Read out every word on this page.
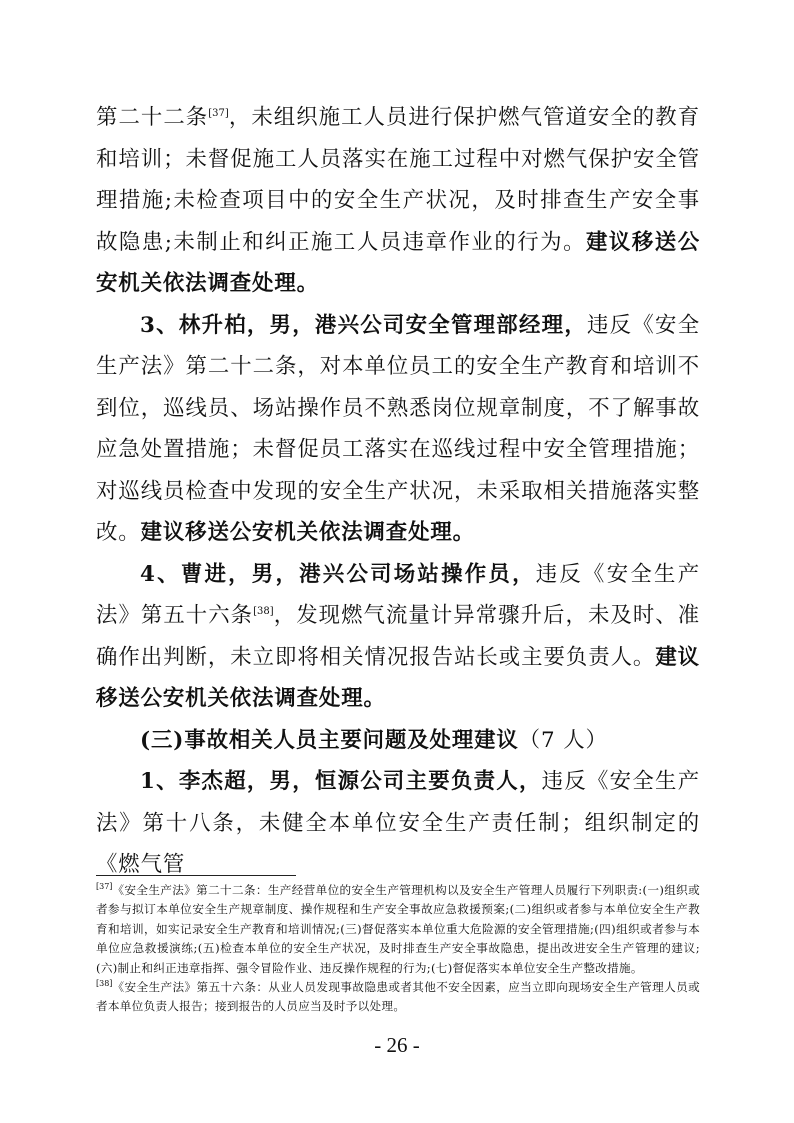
第二十二条[37]，未组织施工人员进行保护燃气管道安全的教育和培训；未督促施工人员落实在施工过程中对燃气保护安全管理措施;未检查项目中的安全生产状况，及时排查生产安全事故隐患;未制止和纠正施工人员违章作业的行为。建议移送公安机关依法调查处理。

3、林升柏，男，港兴公司安全管理部经理，违反《安全生产法》第二十二条，对本单位员工的安全生产教育和培训不到位，巡线员、场站操作员不熟悉岗位规章制度，不了解事故应急处置措施；未督促员工落实在巡线过程中安全管理措施；对巡线员检查中发现的安全生产状况，未采取相关措施落实整改。建议移送公安机关依法调查处理。

4、曹进，男，港兴公司场站操作员，违反《安全生产法》第五十六条[38]，发现燃气流量计异常骤升后，未及时、准确作出判断，未立即将相关情况报告站长或主要负责人。建议移送公安机关依法调查处理。

(三)事故相关人员主要问题及处理建议（7 人）

1、李杰超，男，恒源公司主要负责人，违反《安全生产法》第十八条，未健全本单位安全生产责任制；组织制定的《燃气管

[37]《安全生产法》第二十二条：生产经营单位的安全生产管理机构以及安全生产管理人员履行下列职责:(一)组织或者参与拟订本单位安全生产规章制度、操作规程和生产安全事故应急救援预案;(二)组织或者参与本单位安全生产教育和培训，如实记录安全生产教育和培训情况;(三)督促落实本单位重大危险源的安全管理措施;(四)组织或者参与本单位应急救援演练;(五)检查本单位的安全生产状况，及时排查生产安全事故隐患，提出改进安全生产管理的建议;(六)制止和纠正违章指挥、强令冒险作业、违反操作规程的行为;(七)督促落实本单位安全生产整改措施。

[38]《安全生产法》第五十六条：从业人员发现事故隐患或者其他不安全因素，应当立即向现场安全生产管理人员或者本单位负责人报告；接到报告的人员应当及时予以处理。

- 26 -
